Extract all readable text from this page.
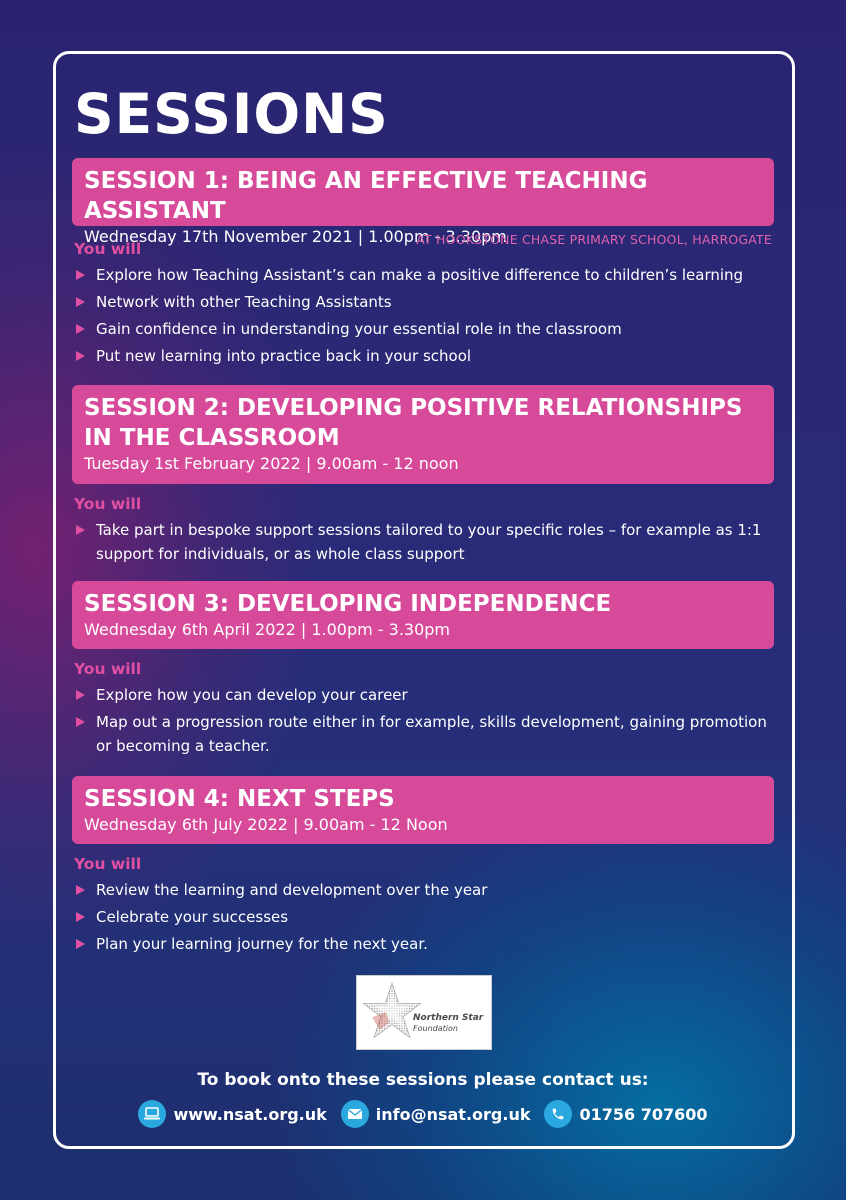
SESSIONS
SESSION 1: BEING AN EFFECTIVE TEACHING ASSISTANT
Wednesday 17th November 2021 | 1.00pm - 3.30pm
AT HOOKSTONE CHASE PRIMARY SCHOOL, HARROGATE
You will
Explore how Teaching Assistant’s can make a positive difference to children’s learning
Network with other Teaching Assistants
Gain confidence in understanding your essential role in the classroom
Put new learning into practice back in your school
SESSION 2: DEVELOPING POSITIVE RELATIONSHIPS IN THE CLASSROOM
Tuesday 1st February 2022 | 9.00am - 12 noon
You will
Take part in bespoke support sessions tailored to your specific roles – for example as 1:1 support for individuals, or as whole class support
SESSION 3: DEVELOPING INDEPENDENCE
Wednesday 6th April 2022 | 1.00pm - 3.30pm
You will
Explore how you can develop your career
Map out a progression route either in for example, skills development, gaining promotion or becoming a teacher.
SESSION 4: NEXT STEPS
Wednesday 6th July 2022 | 9.00am - 12 Noon
You will
Review the learning and development over the year
Celebrate your successes
Plan your learning journey for the next year.
Northern Star
Foundation
To book onto these sessions please contact us:
www.nsat.org.uk	info@nsat.org.uk	01756 707600
